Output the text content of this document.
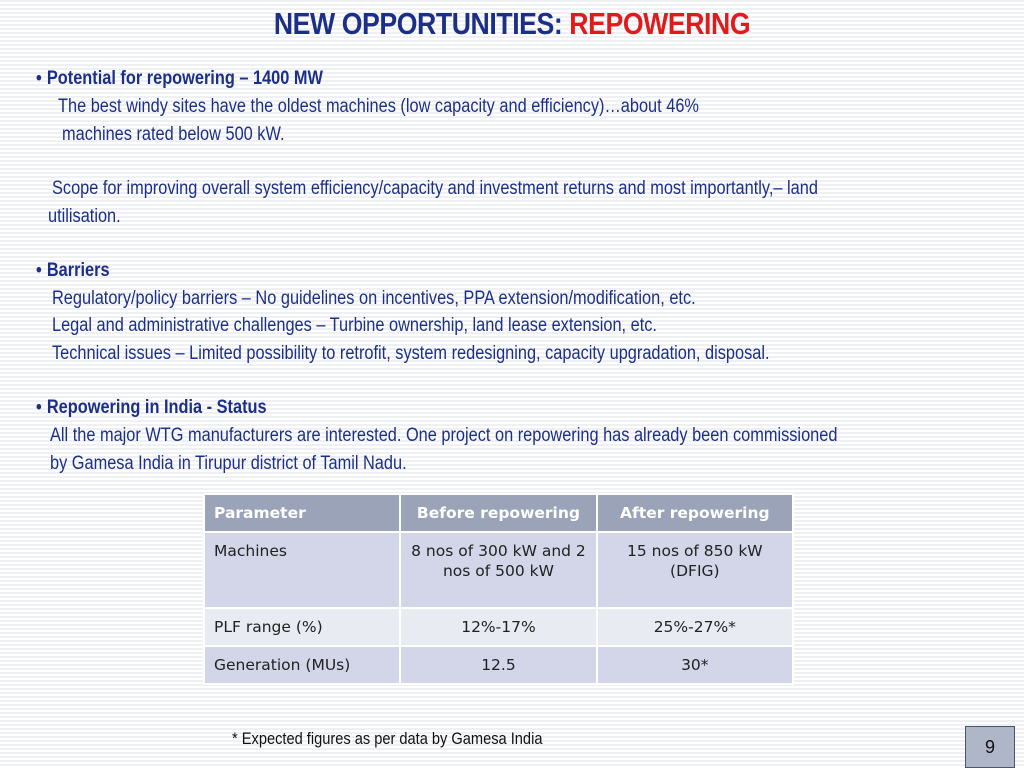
NEW OPPORTUNITIES: REPOWERING
• Potential for repowering – 1400 MW
The best windy sites have the oldest machines (low capacity and efficiency)…about 46%
machines rated below 500 kW.
Scope for improving overall system efficiency/capacity and investment returns and most importantly,– land
utilisation.
• Barriers
Regulatory/policy barriers – No guidelines on incentives, PPA extension/modification, etc.
Legal and administrative challenges – Turbine ownership, land lease extension, etc.
Technical issues – Limited possibility to retrofit, system redesigning, capacity upgradation, disposal.
• Repowering in India - Status
All the major WTG manufacturers are interested. One project on repowering has already been commissioned
by Gamesa India in Tirupur district of Tamil Nadu.
Parameter	Before repowering	After repowering
Machines	8 nos of 300 kW and 2 nos of 500 kW	15 nos of 850 kW (DFIG)
PLF range (%)	12%-17%	25%-27%*
Generation (MUs)	12.5	30*
* Expected figures as per data by Gamesa India	9
